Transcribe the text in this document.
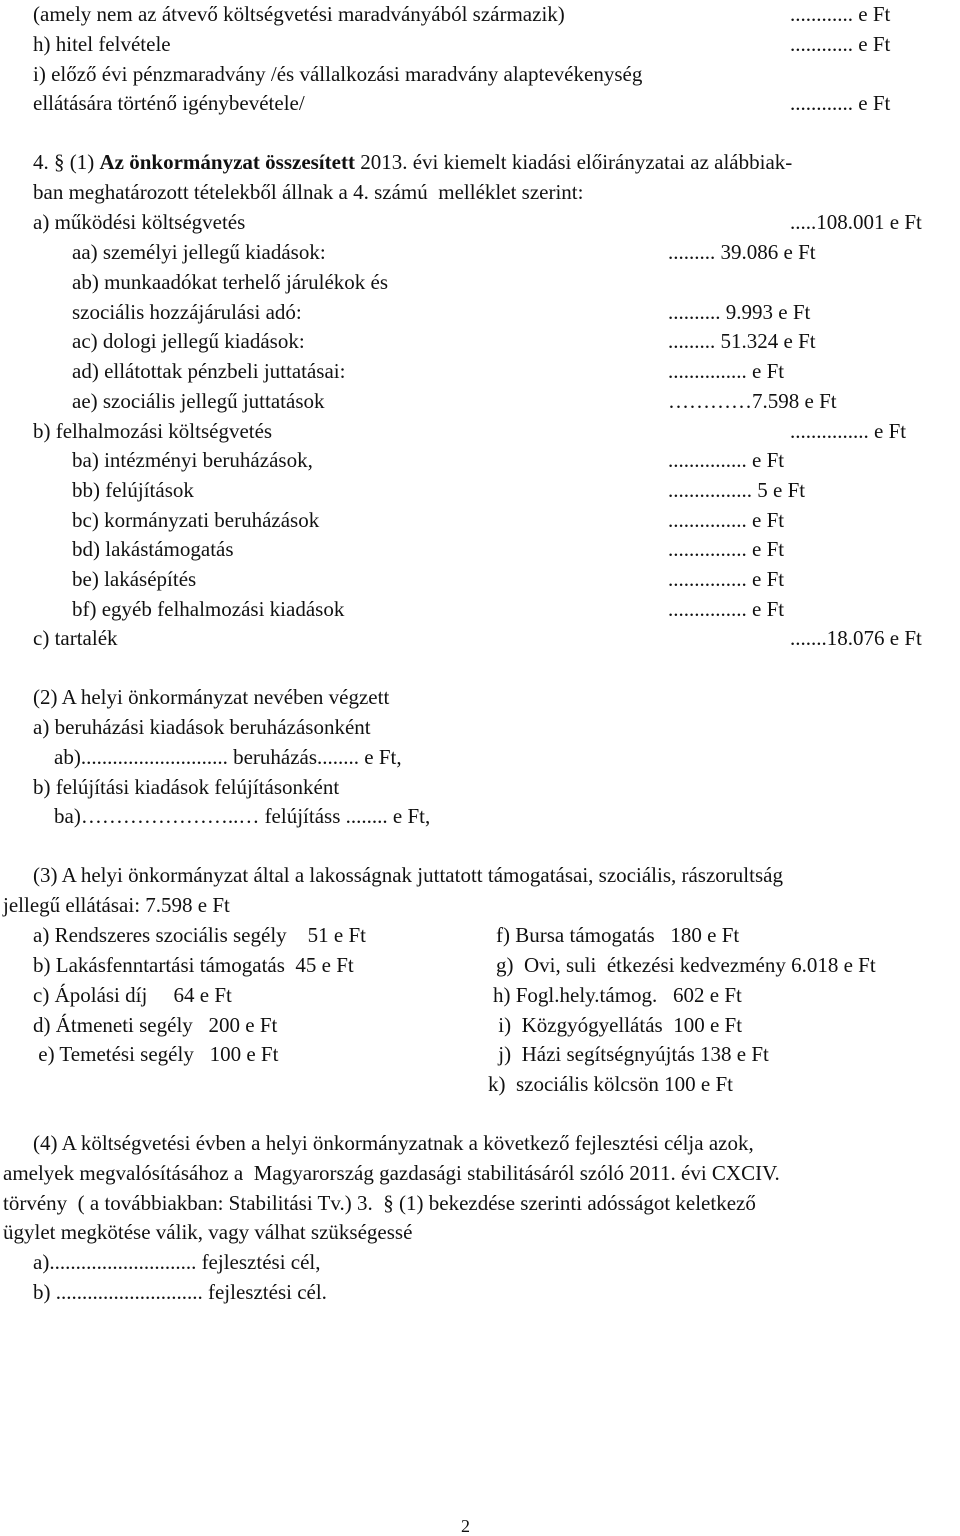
(amely nem az átvevő költségvetési maradványából származik)	............ e Ft
h) hitel felvétele	............ e Ft
i) előző évi pénzmaradvány /és vállalkozási maradvány alaptevékenység
ellátására történő igénybevétele/	............ e Ft
4. § (1) Az önkormányzat összesített 2013. évi kiemelt kiadási előirányzatai az alábbiak-
ban meghatározott tételekből állnak a 4. számú  melléklet szerint:
a) működési költségvetés	.....108.001 e Ft
aa) személyi jellegű kiadások:	......... 39.086 e Ft
ab) munkaadókat terhelő járulékok és
szociális hozzájárulási adó:	.......... 9.993 e Ft
ac) dologi jellegű kiadások:	......... 51.324 e Ft
ad) ellátottak pénzbeli juttatásai:	............... e Ft
ae) szociális jellegű juttatások	…………7.598 e Ft
b) felhalmozási költségvetés	............... e Ft
ba) intézményi beruházások,	............... e Ft
bb) felújítások	................ 5 e Ft
bc) kormányzati beruházások	............... e Ft
bd) lakástámogatás	............... e Ft
be) lakásépítés	............... e Ft
bf) egyéb felhalmozási kiadások	............... e Ft
c) tartalék	.......18.076 e Ft
(2) A helyi önkormányzat nevében végzett
a) beruházási kiadások beruházásonként
ab)............................ beruházás........ e Ft,
b) felújítási kiadások felújításonként
ba)…………………..… felújításs ........ e Ft,
(3) A helyi önkormányzat által a lakosságnak juttatott támogatásai, szociális, rászorultság
jellegű ellátásai: 7.598 e Ft
a) Rendszeres szociális segély    51 e Ft
b) Lakásfenntartási támogatás  45 e Ft
c) Ápolási díj     64 e Ft
d) Átmeneti segély   200 e Ft
e) Temetési segély   100 e Ft
f) Bursa támogatás   180 e Ft
g)  Ovi, suli  étkezési kedvezmény 6.018 e Ft
h) Fogl.hely.támog.   602 e Ft
i)  Közgyógyellátás  100 e Ft
j)  Házi segítségnyújtás 138 e Ft
k)  szociális kölcsön 100 e Ft
(4) A költségvetési évben a helyi önkormányzatnak a következő fejlesztési célja azok,
amelyek megvalósításához a  Magyarország gazdasági stabilitásáról szóló 2011. évi CXCIV.
törvény  ( a továbbiakban: Stabilitási Tv.) 3.  § (1) bekezdése szerinti adósságot keletkező
ügylet megkötése válik, vagy válhat szükségessé
a)............................ fejlesztési cél,
b) ............................ fejlesztési cél.
2
